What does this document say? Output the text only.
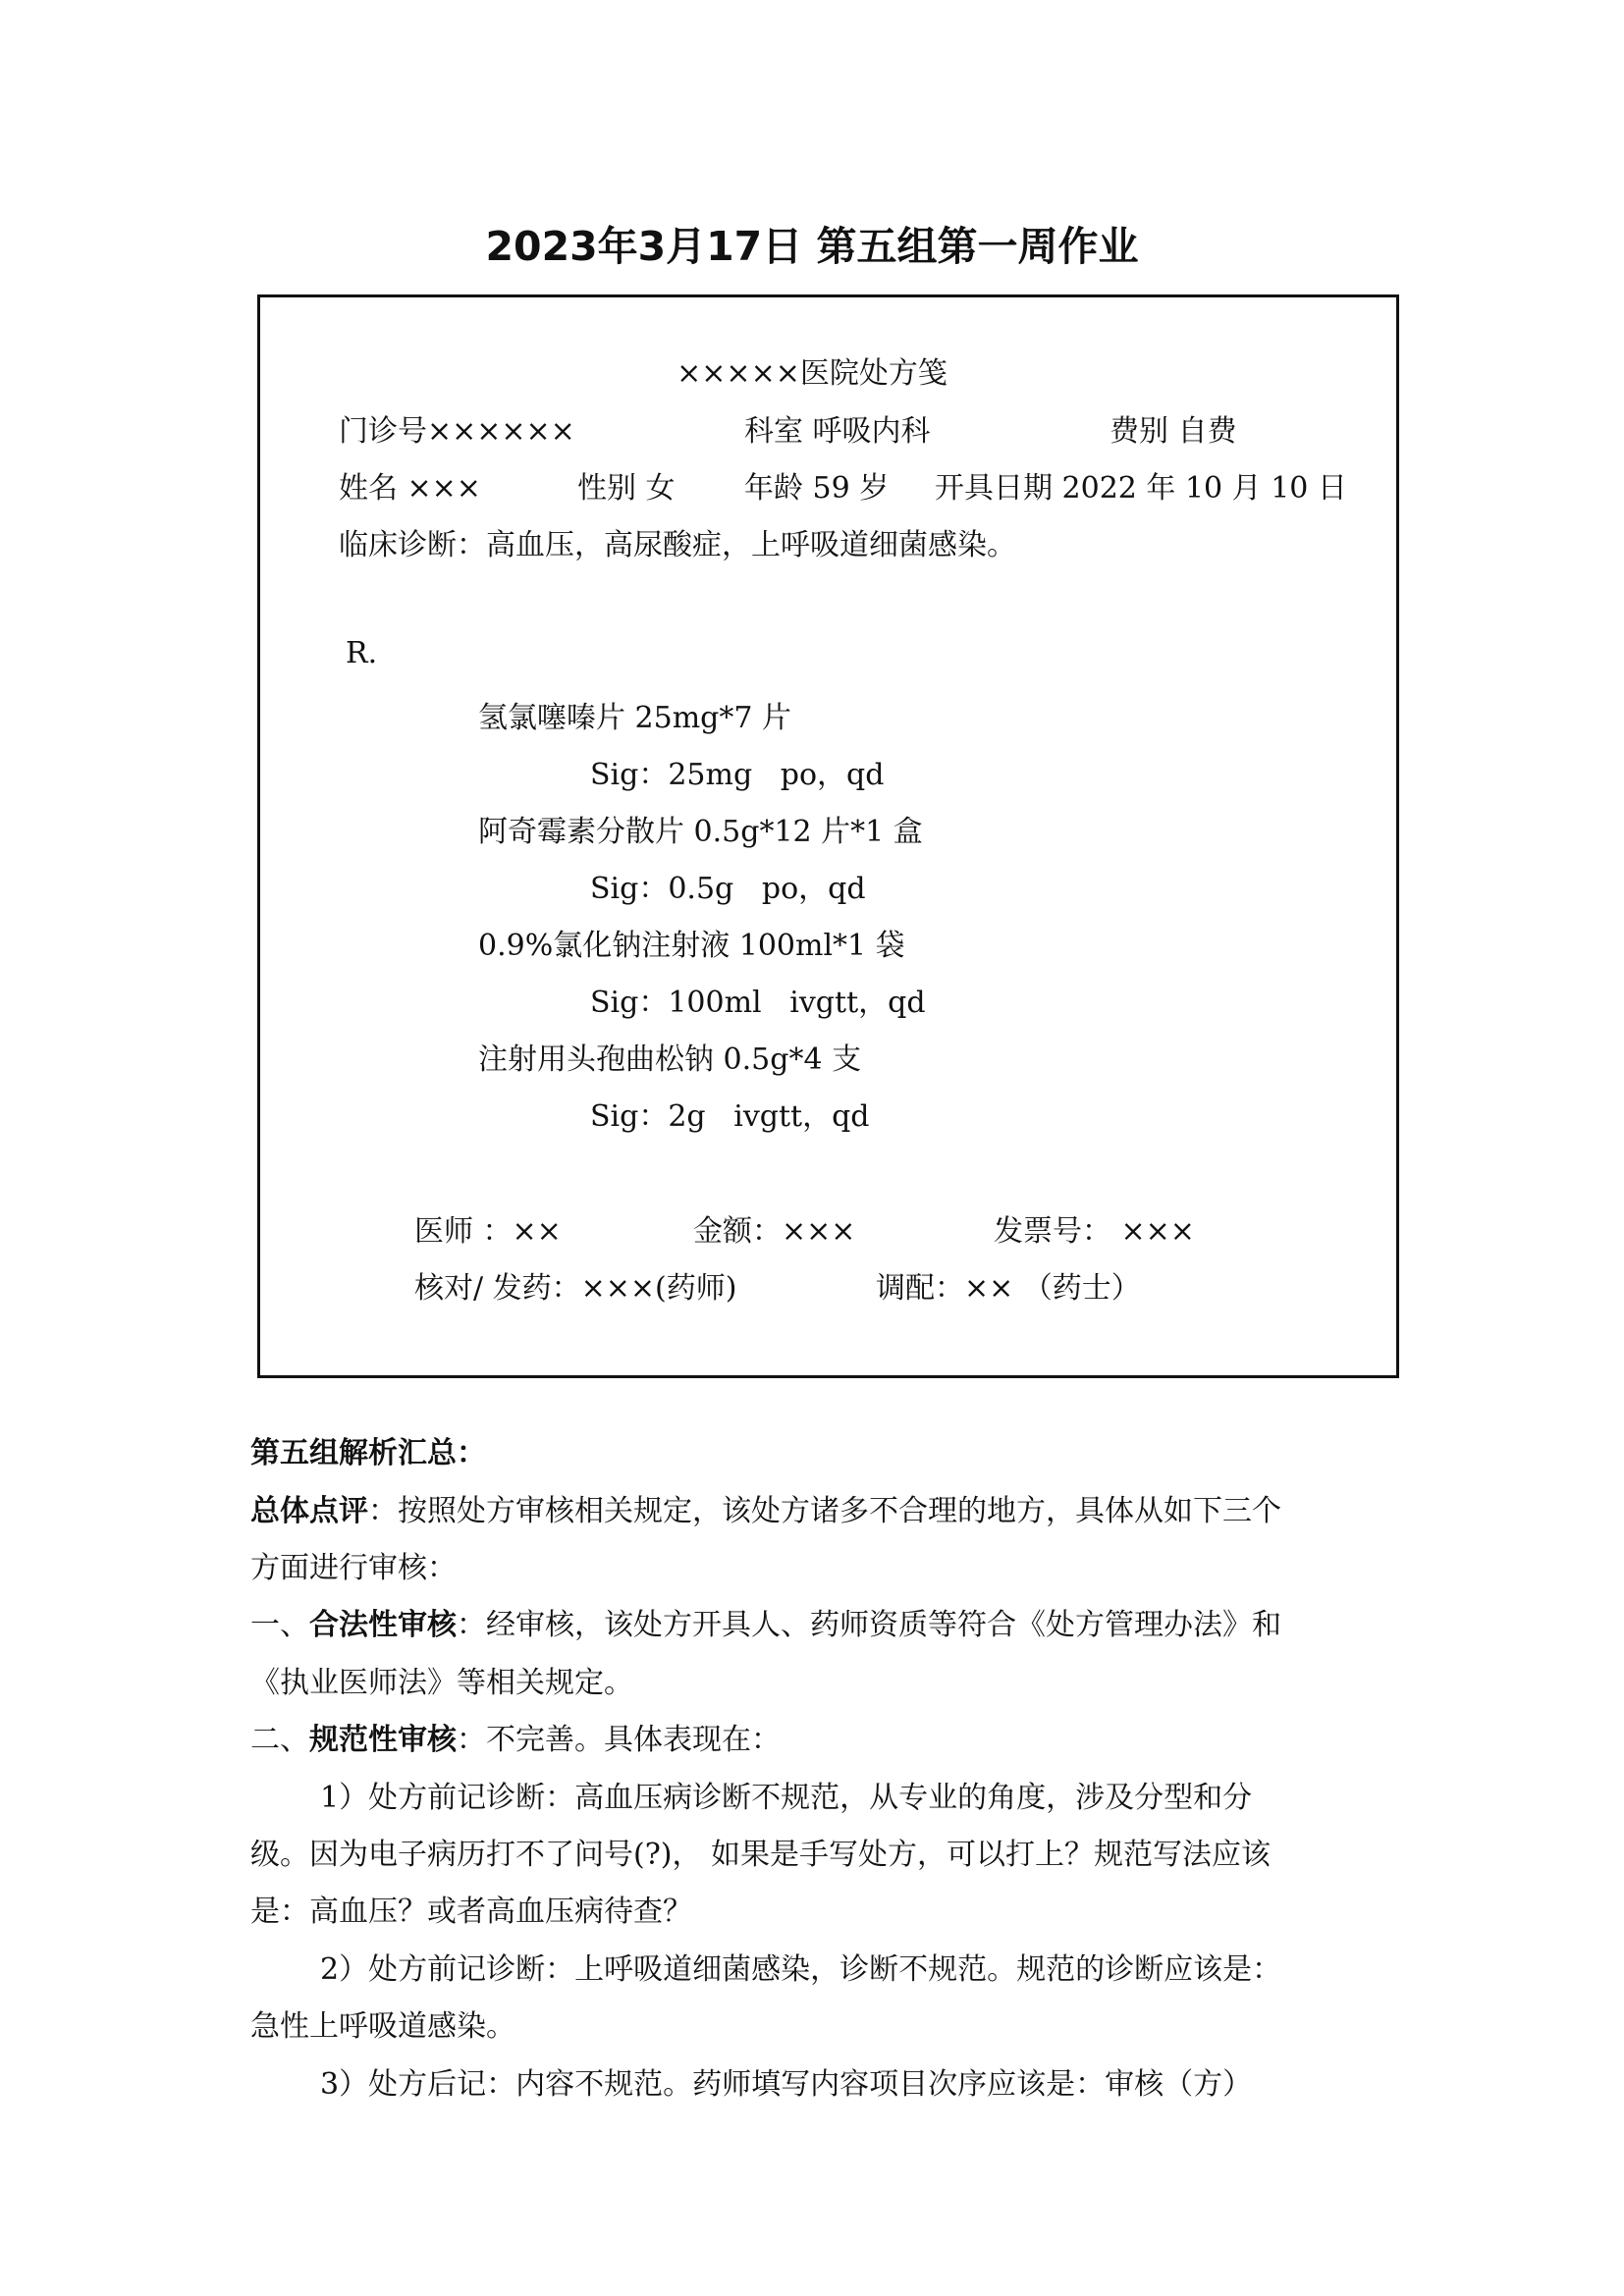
2023年3月17日 第五组第一周作业
×××××医院处方笺
门诊号××××××	科室 呼吸内科	费别 自费
姓名 ×××	性别 女 年龄 59 岁 开具日期 2022 年 10 月 10 日
临床诊断：高血压，高尿酸症，上呼吸道细菌感染。
R.
氢氯噻嗪片 25mg*7 片
Sig：25mg   po，qd
阿奇霉素分散片 0.5g*12 片*1 盒
Sig：0.5g   po，qd
0.9%氯化钠注射液 100ml*1 袋
Sig：100ml   ivgtt，qd
注射用头孢曲松钠 0.5g*4 支
Sig：2g   ivgtt，qd
医师 ：××	金额：×××	发票号： ×××
核对/ 发药：×××(药师)	调配：×× （药士）
第五组解析汇总：
总体点评：按照处方审核相关规定，该处方诸多不合理的地方，具体从如下三个
方面进行审核：
一、合法性审核：经审核，该处方开具人、药师资质等符合《处方管理办法》和
《执业医师法》等相关规定。
二、规范性审核：不完善。具体表现在：
1）处方前记诊断：高血压病诊断不规范，从专业的角度，涉及分型和分
级。因为电子病历打不了问号(?)， 如果是手写处方，可以打上？规范写法应该
是：高血压？或者高血压病待查？
2）处方前记诊断：上呼吸道细菌感染，诊断不规范。规范的诊断应该是：
急性上呼吸道感染。
3）处方后记：内容不规范。药师填写内容项目次序应该是：审核（方）
